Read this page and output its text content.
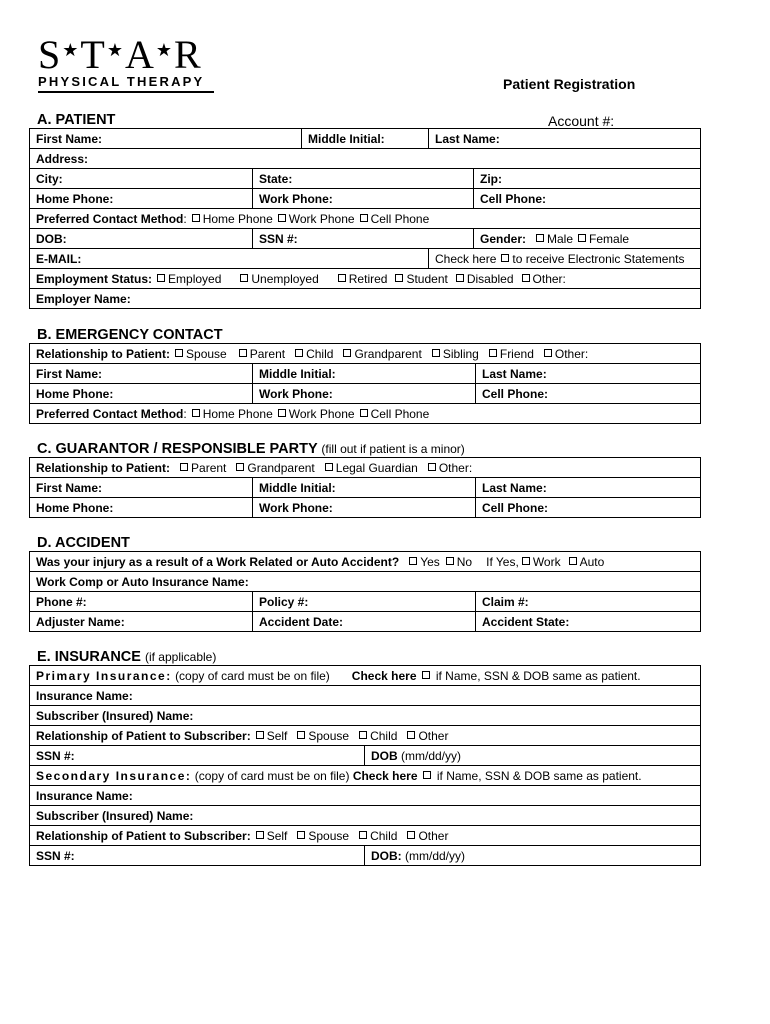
S★T★A★R
PHYSICAL THERAPY	Patient Registration
Account #:
A. PATIENT
First Name:		Middle Initial:	Last Name:	
Address:				
City:	State:			Zip:
Home Phone:	Work Phone:			Cell Phone:
Preferred Contact Method: Home Phone Work Phone Cell Phone				
DOB:	SSN #:			Gender: Male Female
E-MAIL:			Check here to receive Electronic Statements	
Employment Status: Employed Unemployed Retired Student Disabled Other:				
Employer Name:				
B. EMERGENCY CONTACT
Relationship to Patient: Spouse Parent Child Grandparent Sibling Friend Other:		
First Name:	Middle Initial:	Last Name:
Home Phone:	Work Phone:	Cell Phone:
Preferred Contact Method: Home Phone Work Phone Cell Phone		
C. GUARANTOR / RESPONSIBLE PARTY (fill out if patient is a minor)
Relationship to Patient: Parent Grandparent Legal Guardian Other:		
First Name:	Middle Initial:	Last Name:
Home Phone:	Work Phone:	Cell Phone:
D. ACCIDENT
Was your injury as a result of a Work Related or Auto Accident? Yes No If Yes, Work Auto		
Work Comp or Auto Insurance Name:		
Phone #:	Policy #:	Claim #:
Adjuster Name:	Accident Date:	Accident State:
E. INSURANCE (if applicable)
Primary Insurance: (copy of card must be on file) Check here if Name, SSN & DOB same as patient.	
Insurance Name:	
Subscriber (Insured) Name:	
Relationship of Patient to Subscriber: Self Spouse Child Other	
SSN #:	DOB (mm/dd/yy)
Secondary Insurance: (copy of card must be on file) Check here if Name, SSN & DOB same as patient.	
Insurance Name:	
Subscriber (Insured) Name:	
Relationship of Patient to Subscriber: Self Spouse Child Other	
SSN #:	DOB: (mm/dd/yy)
